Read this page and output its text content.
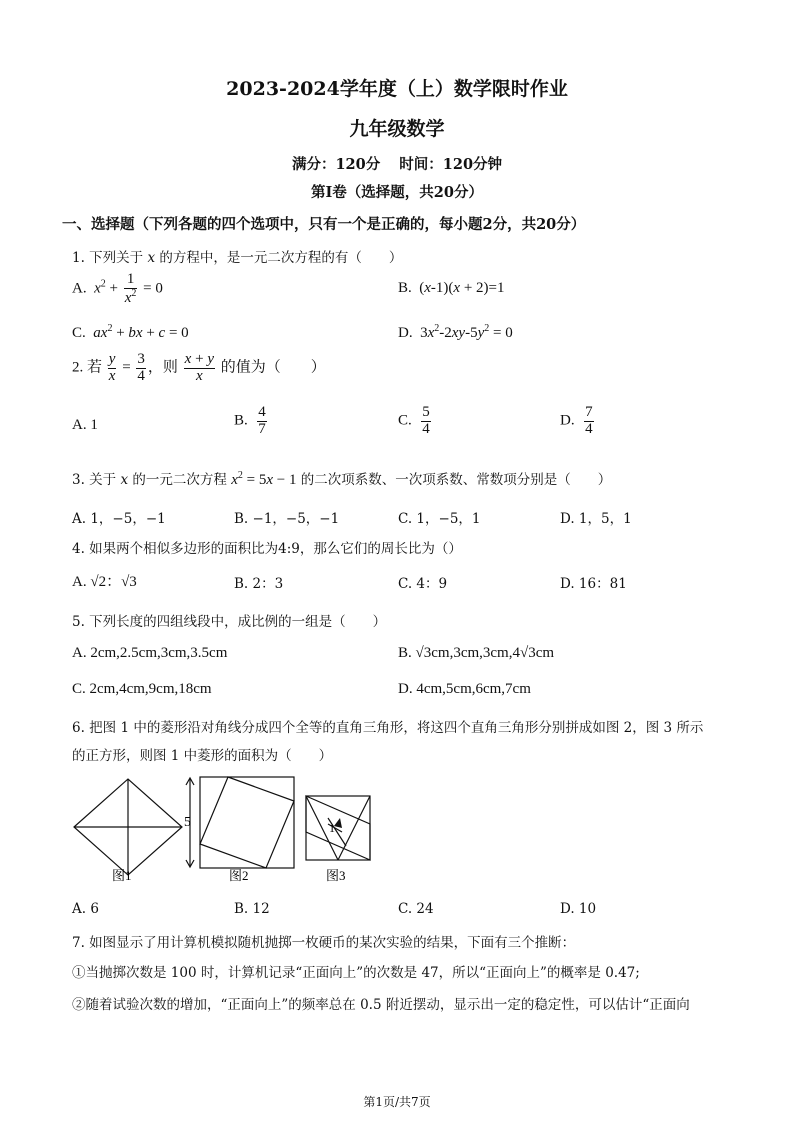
2023-2024学年度（上）数学限时作业
九年级数学
满分：120分 时间：120分钟
第Ⅰ卷（选择题，共20分）
一、选择题（下列各题的四个选项中，只有一个是正确的，每小题2分，共20分）
1. 下列关于 x 的方程中，是一元二次方程的有（　　）
A.  $x^2 + \frac{1}{x^2} = 0$	B.  (x-1)(x + 2)=1
C.  $ax^2$ + bx + c = 0	D.  $3x^2-2xy-5y^2 = 0$
2. 若 $\frac{y}{x} = \frac{3}{4}$ ，则 $\frac{x + y}{x}$ 的值为（　　）
A. 1	B. $\frac{4}{7}$	C. $\frac{5}{4}$	D. $\frac{7}{4}$
3. 关于 x 的一元二次方程 $x^2 = 5x - 1$ 的二次项系数、一次项系数、常数项分别是（　　）
A. 1，−5，−1	B. −1，−5，−1	C. 1，−5，1	D. 1，5，1
4. 如果两个相似多边形的面积比为4:9，那么它们的周长比为（）
A. √2：√3	B. 2：3	C. 4：9	D. 16：81
5. 下列长度的四组线段中，成比例的一组是（　　）
A. 2cm,2.5cm,3cm,3.5cm	B. √3cm,3cm,3cm,4√3cm
C. 2cm,4cm,9cm,18cm	D. 4cm,5cm,6cm,7cm
6. 把图 1 中的菱形沿对角线分成四个全等的直角三角形，将这四个直角三角形分别拼成如图 2，图 3 所示
的正方形，则图 1 中菱形的面积为（　　）
5	1
图1	图2	图3
A. 6	B. 12	C. 24	D. 10
7. 如图显示了用计算机模拟随机抛掷一枚硬币的某次实验的结果，下面有三个推断：
①当抛掷次数是 100 时，计算机记录“正面向上”的次数是 47，所以“正面向上”的概率是 0.47;
②随着试验次数的增加，“正面向上”的频率总在 0.5 附近摆动，显示出一定的稳定性，可以估计“正面向
第1页/共7页
